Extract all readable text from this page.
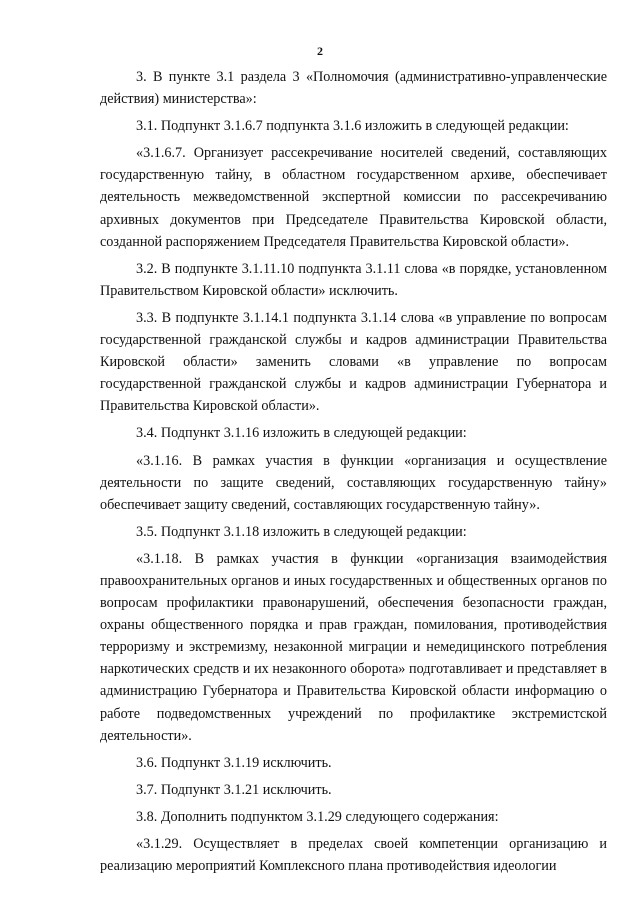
2

3. В пункте 3.1 раздела 3 «Полномочия (административно-управленческие действия) министерства»:

3.1. Подпункт 3.1.6.7 подпункта 3.1.6 изложить в следующей редакции:

«3.1.6.7. Организует рассекречивание носителей сведений, составляющих государственную тайну, в областном государственном архиве, обеспечивает деятельность межведомственной экспертной комиссии по рассекречиванию архивных документов при Председателе Правительства Кировской области, созданной распоряжением Председателя Правительства Кировской области».

3.2. В подпункте 3.1.11.10 подпункта 3.1.11 слова «в порядке, установленном Правительством Кировской области» исключить.

3.3. В подпункте 3.1.14.1 подпункта 3.1.14 слова «в управление по вопросам государственной гражданской службы и кадров администрации Правительства Кировской области» заменить словами «в управление по вопросам государственной гражданской службы и кадров администрации Губернатора и Правительства Кировской области».

3.4. Подпункт 3.1.16 изложить в следующей редакции:

«3.1.16. В рамках участия в функции «организация и осуществление деятельности по защите сведений, составляющих государственную тайну» обеспечивает защиту сведений, составляющих государственную тайну».

3.5. Подпункт 3.1.18 изложить в следующей редакции:

«3.1.18. В рамках участия в функции «организация взаимодействия правоохранительных органов и иных государственных и общественных органов по вопросам профилактики правонарушений, обеспечения безопасности граждан, охраны общественного порядка и прав граждан, помилования, противодействия терроризму и экстремизму, незаконной миграции и немедицинского потребления наркотических средств и их незаконного оборота» подготавливает и представляет в администрацию Губернатора и Правительства Кировской области информацию о работе подведомственных учреждений по профилактике экстремистской деятельности».

3.6. Подпункт 3.1.19 исключить.

3.7. Подпункт 3.1.21 исключить.

3.8. Дополнить подпунктом 3.1.29 следующего содержания:

«3.1.29. Осуществляет в пределах своей компетенции организацию и реализацию мероприятий Комплексного плана противодействия идеологии
